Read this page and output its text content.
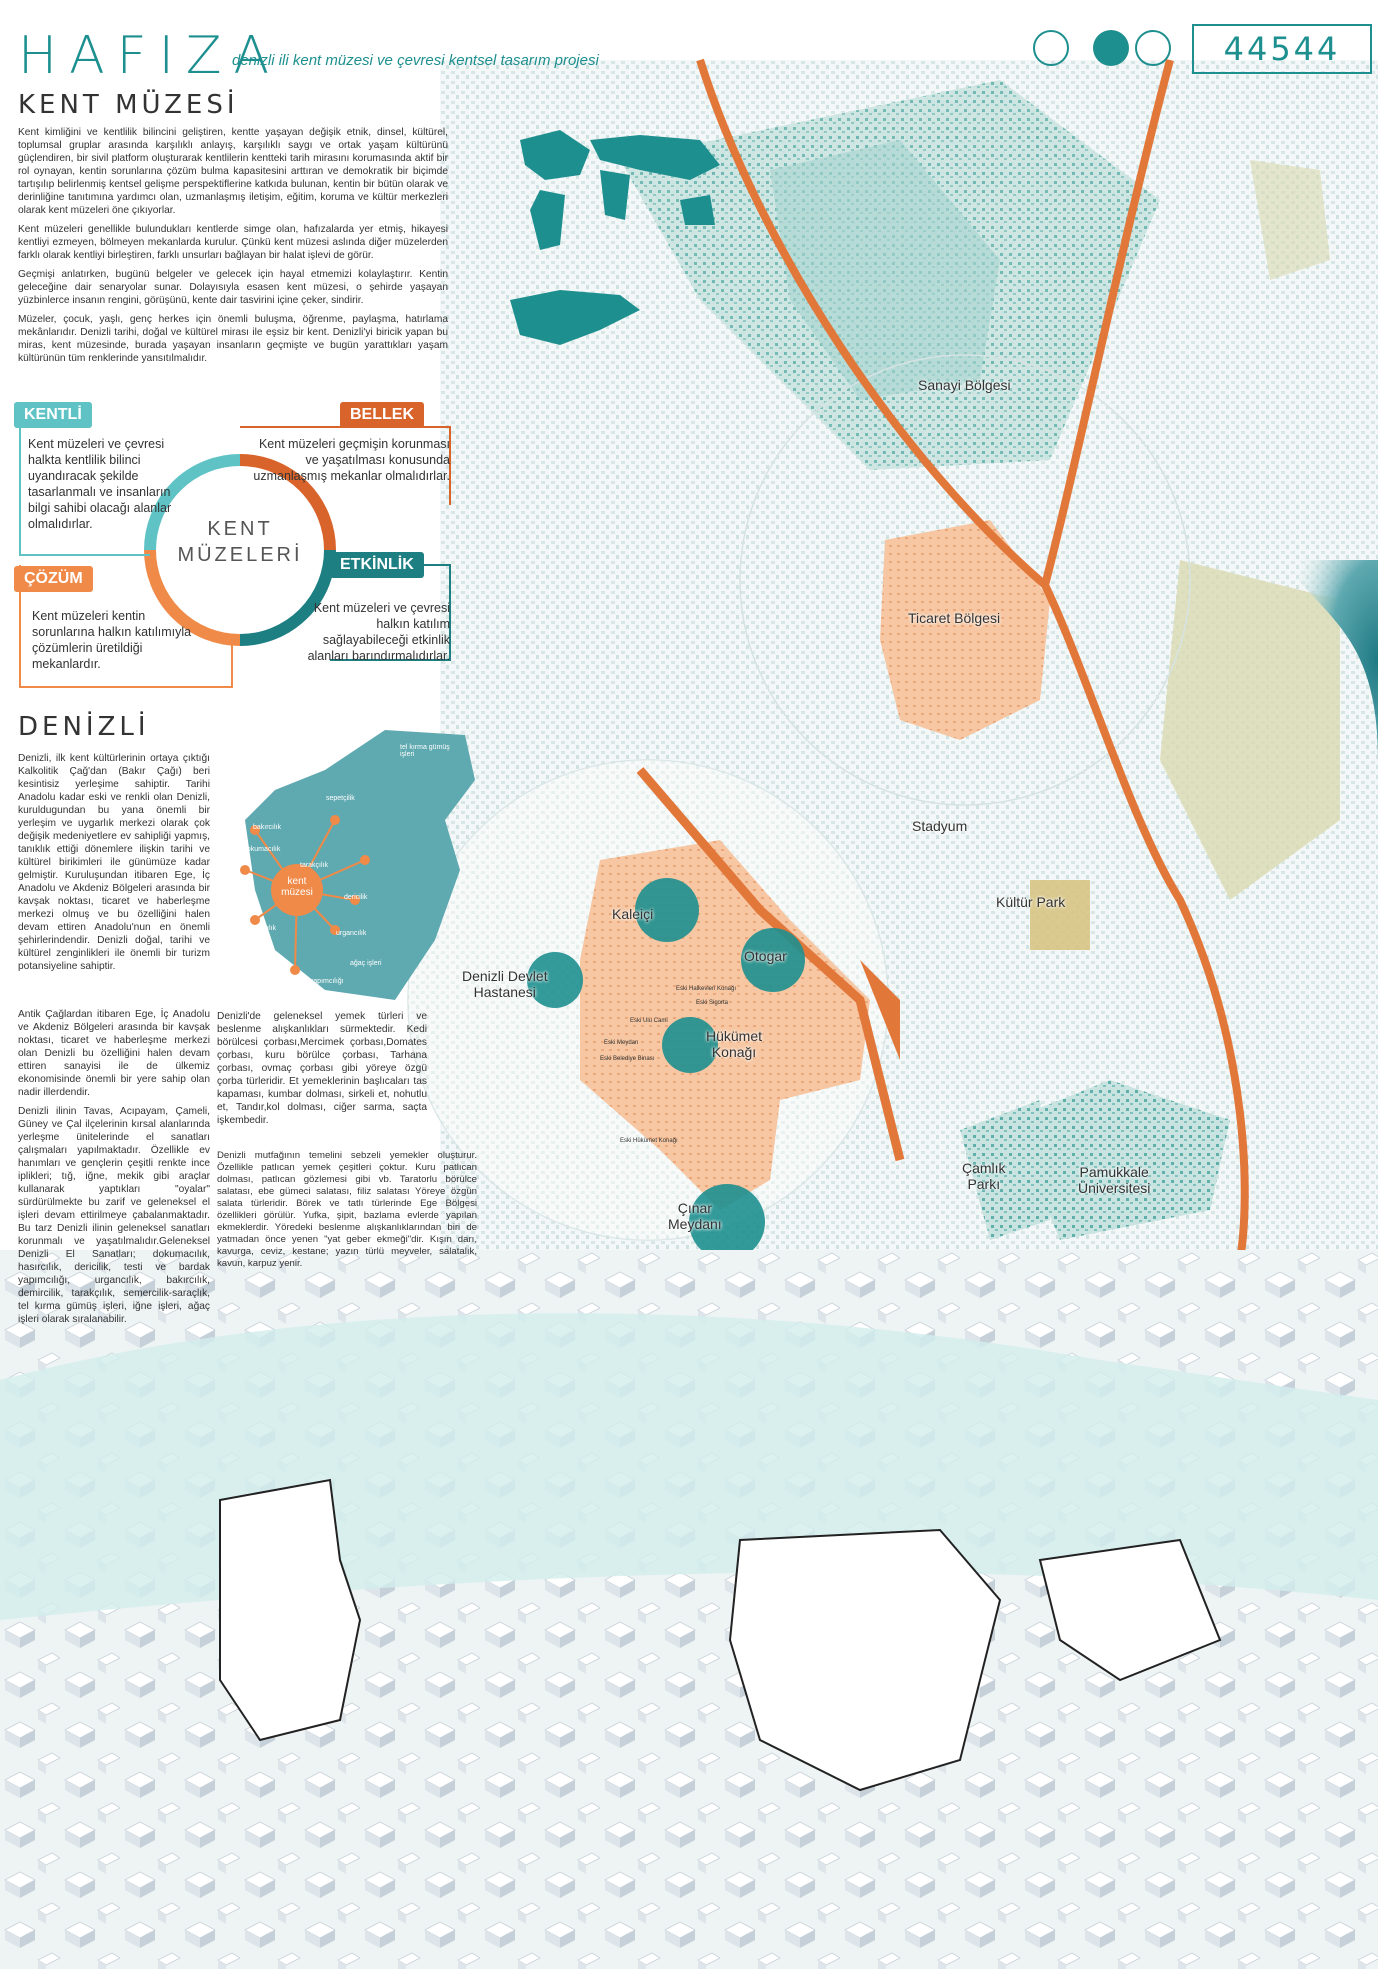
HAFIZA
denizli ili kent müzesi ve çevresi kentsel tasarım projesi	44544
KENT MÜZESİ

Kent kimliğini ve kentlilik bilincini geliştiren, kentte yaşayan değişik etnik, dinsel, kültürel, toplumsal gruplar arasında karşılıklı anlayış, karşılıklı saygı ve ortak yaşam kültürünü güçlendiren, bir sivil platform oluşturarak kentlilerin kentteki tarih mirasını korumasında aktif bir rol oynayan, kentin sorunlarına çözüm bulma kapasitesini arttıran ve demokratik bir biçimde tartışılıp belirlenmiş kentsel gelişme perspektiflerine katkıda bulunan, kentin bir bütün olarak ve derinliğine tanıtımına yardımcı olan, uzmanlaşmış iletişim, eğitim, koruma ve kültür merkezleri olarak kent müzeleri öne çıkıyorlar.

Kent müzeleri genellikle bulundukları kentlerde simge olan, hafızalarda yer etmiş, hikayesi kentliyi ezmeyen, bölmeyen mekanlarda kurulur. Çünkü kent müzesi aslında diğer müzelerden farklı olarak kentliyi birleştiren, farklı unsurları bağlayan bir halat işlevi de görür.

Geçmişi anlatırken, bugünü belgeler ve gelecek için hayal etmemizi kolaylaştırır. Kentin geleceğine dair senaryolar sunar. Dolayısıyla esasen kent müzesi, o şehirde yaşayan yüzbinlerce insanın rengini, görüşünü, kente dair tasvirini içine çeker, sindirir.

Müzeler, çocuk, yaşlı, genç herkes için önemli buluşma, öğrenme, paylaşma, hatırlama mekânlarıdır. Denizli tarihi, doğal ve kültürel mirası ile eşsiz bir kent. Denizli'yi biricik yapan bu miras, kent müzesinde, burada yaşayan insanların geçmişte ve bugün yarattıkları yaşam kültürünün tüm renklerinde yansıtılmalıdır.

KENT
MÜZELERİ
KENTLİ
Kent müzeleri ve çevresi halkta kentlilik bilinci uyandıracak şekilde tasarlanmalı ve insanların bilgi sahibi olacağı alanlar olmalıdırlar.
BELLEK
Kent müzeleri geçmişin korunması ve yaşatılması konusunda uzmanlaşmış mekanlar olmalıdırlar.
ETKİNLİK
Kent müzeleri ve çevresi halkın katılım sağlayabileceği etkinlik alanları barındırmalıdırlar.
ÇÖZÜM
Kent müzeleri kentin sorunlarına halkın katılımıyla çözümlerin üretildiği mekanlardır.
DENİZLİ

Denizli, ilk kent kültürlerinin ortaya çıktığı Kalkolitik Çağ'dan (Bakır Çağı) beri kesintisiz yerleşime sahiptir. Tarihi Anadolu kadar eski ve renkli olan Denizli, kuruldugundan bu yana önemli bir yerleşim ve uygarlık merkezi olarak çok değişik medeniyetlere ev sahipliği yapmış, tanıklık ettiği dönemlere ilişkin tarihi ve kültürel birikimleri ile günümüze kadar gelmiştir. Kuruluşundan itibaren Ege, İç Anadolu ve Akdeniz Bölgeleri arasında bir kavşak noktası, ticaret ve haberleşme merkezi olmuş ve bu özelliğini halen devam ettiren Anadolu'nun en önemli şehirlerindendir. Denizli doğal, tarihi ve kültürel zenginlikleri ile önemli bir turizm potansiyeline sahiptir.

Antik Çağlardan itibaren Ege, İç Anadolu ve Akdeniz Bölgeleri arasında bir kavşak noktası, ticaret ve haberleşme merkezi olan Denizli bu özelliğini halen devam ettiren sanayisi ile de ülkemiz ekonomisinde önemli bir yere sahip olan nadir illerdendir.

Denizli ilinin Tavas, Acıpayam, Çameli, Güney ve Çal ilçelerinin kırsal alanlarında yerleşme ünitelerinde el sanatları çalışmaları yapılmaktadır. Özellikle ev hanımları ve gençlerin çeşitli renkte ince iplikleri; tığ, iğne, mekik gibi araçlar kullanarak yaptıkları "oyalar" sürdürülmekte bu zarif ve geleneksel el işleri devam ettirilmeye çabalanmaktadır. Bu tarz Denizli ilinin geleneksel sanatları korunmalı ve yaşatılmalıdır.Geleneksel Denizli El Sanatları; dokumacılık, hasırcılık, dericilik, testi ve bardak yapımcılığı, urgancılık, bakırcılık, demircilik, tarakçılık, semercilik-saraçlık, tel kırma gümüş işleri, iğne işleri, ağaç işleri olarak sıralanabilir.

Denizli'de geleneksel yemek türleri ve beslenme alışkanlıkları sürmektedir. Kedi börülcesi çorbası,Mercimek çorbası,Domates çorbası, kuru börülce çorbası, Tarhana çorbası, ovmaç çorbası gibi yöreye özgü çorba türleridir. Et yemeklerinin başlıcaları tas kapaması, kumbar dolması, sirkeli et, nohutlu et, Tandır,kol dolması, ciğer sarma, saçta işkembedir.

Denizli mutfağının temelini sebzeli yemekler oluşturur. Özellikle patlıcan yemek çeşitleri çoktur. Kuru patlıcan dolması, patlıcan gözlemesi gibi vb. Taratorlu börülce salatası, ebe gümeci salatası, filiz salatası Yöreye özgün salata türleridir. Börek ve tatlı türlerinde Ege Bölgesi özellikleri görülür. Yufka, şipit, bazlama evlerde yapılan ekmeklerdir. Yöredeki beslenme alışkanlıklarından biri de yatmadan önce yenen "yat geber ekmeği"dir. Kışın darı, kavurga, ceviz, kestane; yazın türlü meyveler, salatalık, kavun, karpuz yenir.

kent
müzesi
tel kırma gümüş işleri
sepetçilik
bakırcılık
dokumacılık
dericilik
hasırcılık
urgancılık
testi yapımcılığı
semercilik
tarakçılık
ağaç işleri
iğne işleri
Sanayi Bölgesi
Ticaret Bölgesi
Stadyum
Kültür Park
Kaleiçi
Otogar
Denizli Devlet
Hastanesi
Hükümet
Konağı
Çamlık
Parkı
Pamukkale
Üniversitesi
Çınar
Meydanı
Eski Hükümet Konağı
Eski Ulu Cami
Eski Sigorta
Eski Meydan
Eski Belediye Binası
Eski Halkevleri Konağı
